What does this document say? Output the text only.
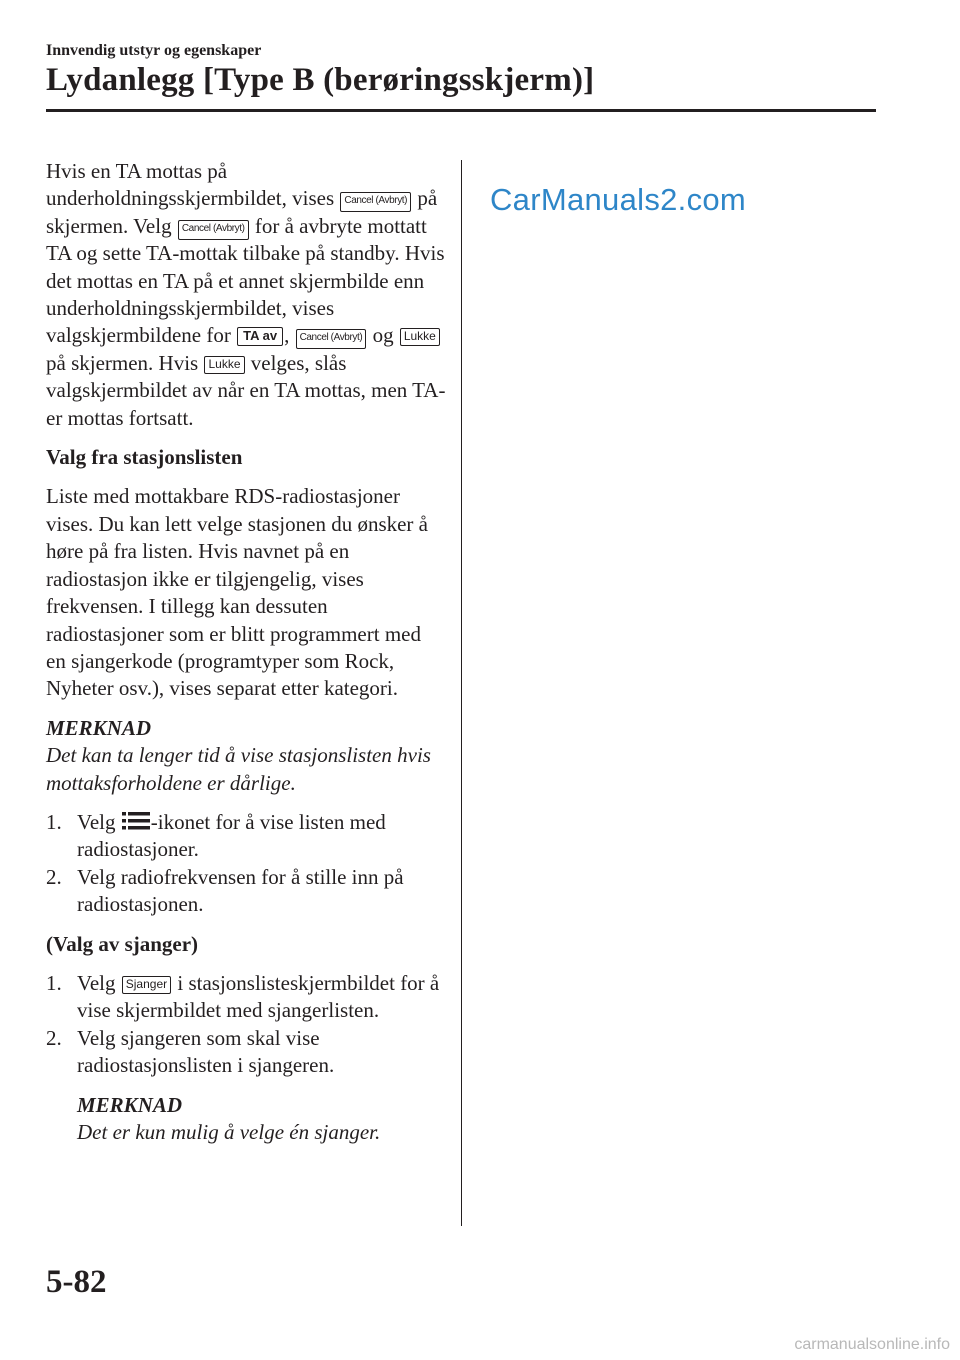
Innvendig utstyr og egenskaper
Lydanlegg [Type B (berøringsskjerm)]

Hvis en TA mottas på underholdningsskjermbildet, vises Cancel (Avbryt) på skjermen. Velg Cancel (Avbryt) for å avbryte mottatt TA og sette TA-mottak tilbake på standby. Hvis det mottas en TA på et annet skjermbilde enn underholdningsskjermbildet, vises valgskjermbildene for TA av , Cancel (Avbryt) og Lukke på skjermen. Hvis Lukke velges, slås valgskjermbildet av når en TA mottas, men TA-er mottas fortsatt.

Valg fra stasjonslisten

Liste med mottakbare RDS-radiostasjoner vises. Du kan lett velge stasjonen du ønsker å høre på fra listen. Hvis navnet på en radiostasjon ikke er tilgjengelig, vises frekvensen. I tillegg kan dessuten radiostasjoner som er blitt programmert med en sjangerkode (programtyper som Rock, Nyheter osv.), vises separat etter kategori.

MERKNAD

Det kan ta lenger tid å vise stasjonslisten hvis mottaksforholdene er dårlige.

1. Velg -ikonet for å vise listen med radiostasjoner.
2. Velg radiofrekvensen for å stille inn på radiostasjonen.

(Valg av sjanger)

1. Velg Sjanger i stasjonslisteskjermbildet for å vise skjermbildet med sjangerlisten.
2. Velg sjangeren som skal vise radiostasjonslisten i sjangeren.

MERKNAD

Det er kun mulig å velge én sjanger.

CarManuals2.com
5-82
carmanualsonline.info
